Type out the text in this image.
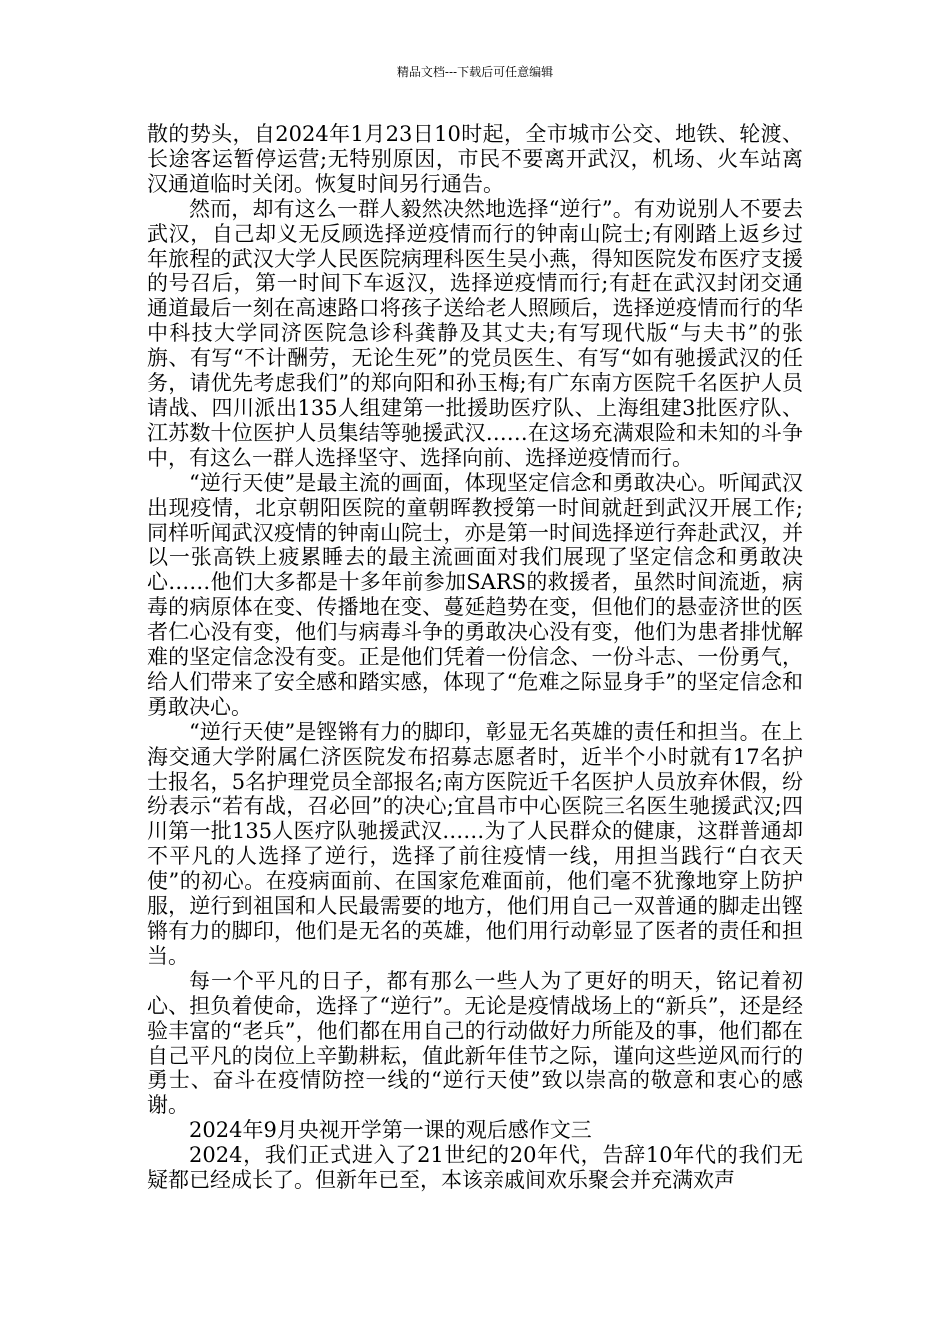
精品文档---下载后可任意编辑

散的势头，自2024年1月23日10时起，全市城市公交、地铁、轮渡、长途客运暂停运营;无特别原因，市民不要离开武汉，机场、火车站离汉通道临时关闭。恢复时间另行通告。

然而，却有这么一群人毅然决然地选择“逆行”。有劝说别人不要去武汉，自己却义无反顾选择逆疫情而行的钟南山院士;有刚踏上返乡过年旅程的武汉大学人民医院病理科医生吴小燕，得知医院发布医疗支援的号召后，第一时间下车返汉，选择逆疫情而行;有赶在武汉封闭交通通道最后一刻在高速路口将孩子送给老人照顾后，选择逆疫情而行的华中科技大学同济医院急诊科龚静及其丈夫;有写现代版“与夫书”的张旃、有写“不计酬劳，无论生死”的党员医生、有写“如有驰援武汉的任务，请优先考虑我们”的郑向阳和孙玉梅;有广东南方医院千名医护人员请战、四川派出135人组建第一批援助医疗队、上海组建3批医疗队、江苏数十位医护人员集结等驰援武汉……在这场充满艰险和未知的斗争中，有这么一群人选择坚守、选择向前、选择逆疫情而行。

“逆行天使”是最主流的画面，体现坚定信念和勇敢决心。听闻武汉出现疫情，北京朝阳医院的童朝晖教授第一时间就赶到武汉开展工作;同样听闻武汉疫情的钟南山院士，亦是第一时间选择逆行奔赴武汉，并以一张高铁上疲累睡去的最主流画面对我们展现了坚定信念和勇敢决心……他们大多都是十多年前参加SARS的救援者，虽然时间流逝，病毒的病原体在变、传播地在变、蔓延趋势在变，但他们的悬壶济世的医者仁心没有变，他们与病毒斗争的勇敢决心没有变，他们为患者排忧解难的坚定信念没有变。正是他们凭着一份信念、一份斗志、一份勇气，给人们带来了安全感和踏实感，体现了“危难之际显身手”的坚定信念和勇敢决心。

“逆行天使”是铿锵有力的脚印，彰显无名英雄的责任和担当。在上海交通大学附属仁济医院发布招募志愿者时，近半个小时就有17名护士报名，5名护理党员全部报名;南方医院近千名医护人员放弃休假，纷纷表示“若有战，召必回”的决心;宜昌市中心医院三名医生驰援武汉;四川第一批135人医疗队驰援武汉……为了人民群众的健康，这群普通却不平凡的人选择了逆行，选择了前往疫情一线，用担当践行“白衣天使”的初心。在疫病面前、在国家危难面前，他们毫不犹豫地穿上防护服，逆行到祖国和人民最需要的地方，他们用自己一双普通的脚走出铿锵有力的脚印，他们是无名的英雄，他们用行动彰显了医者的责任和担当。

每一个平凡的日子，都有那么一些人为了更好的明天，铭记着初心、担负着使命，选择了“逆行”。无论是疫情战场上的“新兵”，还是经验丰富的“老兵”，他们都在用自己的行动做好力所能及的事，他们都在自己平凡的岗位上辛勤耕耘，值此新年佳节之际，谨向这些逆风而行的勇士、奋斗在疫情防控一线的“逆行天使”致以崇高的敬意和衷心的感谢。

2024年9月央视开学第一课的观后感作文三

2024，我们正式进入了21世纪的20年代，告辞10年代的我们无疑都已经成长了。但新年已至，本该亲戚间欢乐聚会并充满欢声
